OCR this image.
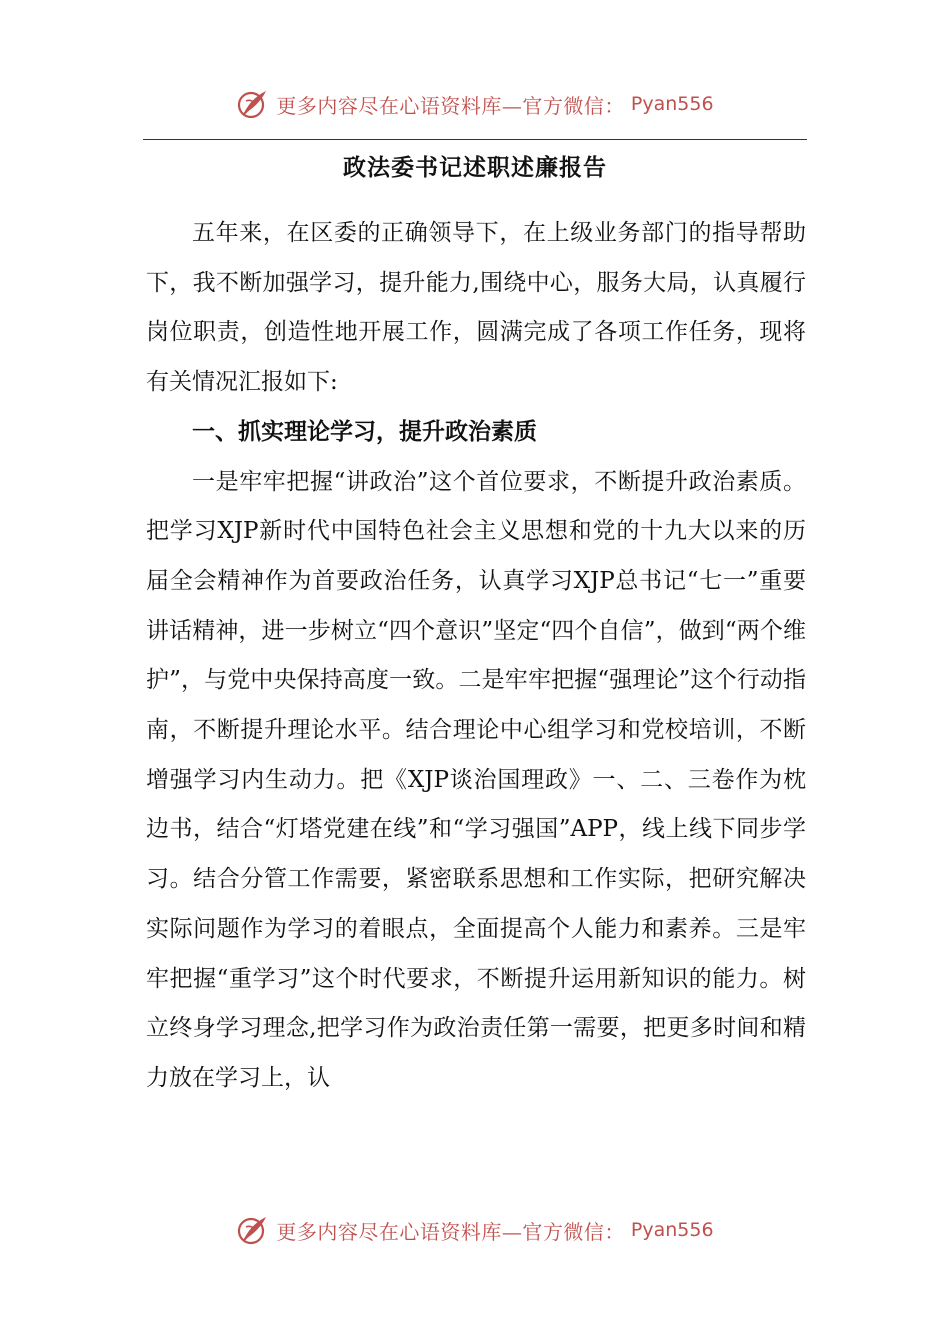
更多内容尽在心语资料库—官方微信： Pyan556
政法委书记述职述廉报告

五年来，在区委的正确领导下，在上级业务部门的指导帮助下，我不断加强学习，提升能力,围绕中心，服务大局，认真履行岗位职责，创造性地开展工作，圆满完成了各项工作任务，现将有关情况汇报如下:

一、抓实理论学习，提升政治素质

一是牢牢把握“讲政治”这个首位要求，不断提升政治素质。把学习XJP新时代中国特色社会主义思想和党的十九大以来的历届全会精神作为首要政治任务，认真学习XJP总书记“七一”重要讲话精神，进一步树立“四个意识”坚定“四个自信”，做到“两个维护”，与党中央保持高度一致。二是牢牢把握“强理论”这个行动指南，不断提升理论水平。结合理论中心组学习和党校培训，不断增强学习内生动力。把《XJP谈治国理政》一、二、三卷作为枕边书，结合“灯塔党建在线”和“学习强国”APP，线上线下同步学习。结合分管工作需要，紧密联系思想和工作实际，把研究解决实际问题作为学习的着眼点，全面提高个人能力和素养。三是牢牢把握“重学习”这个时代要求，不断提升运用新知识的能力。树立终身学习理念,把学习作为政治责任第一需要，把更多时间和精力放在学习上，认

更多内容尽在心语资料库—官方微信： Pyan556
